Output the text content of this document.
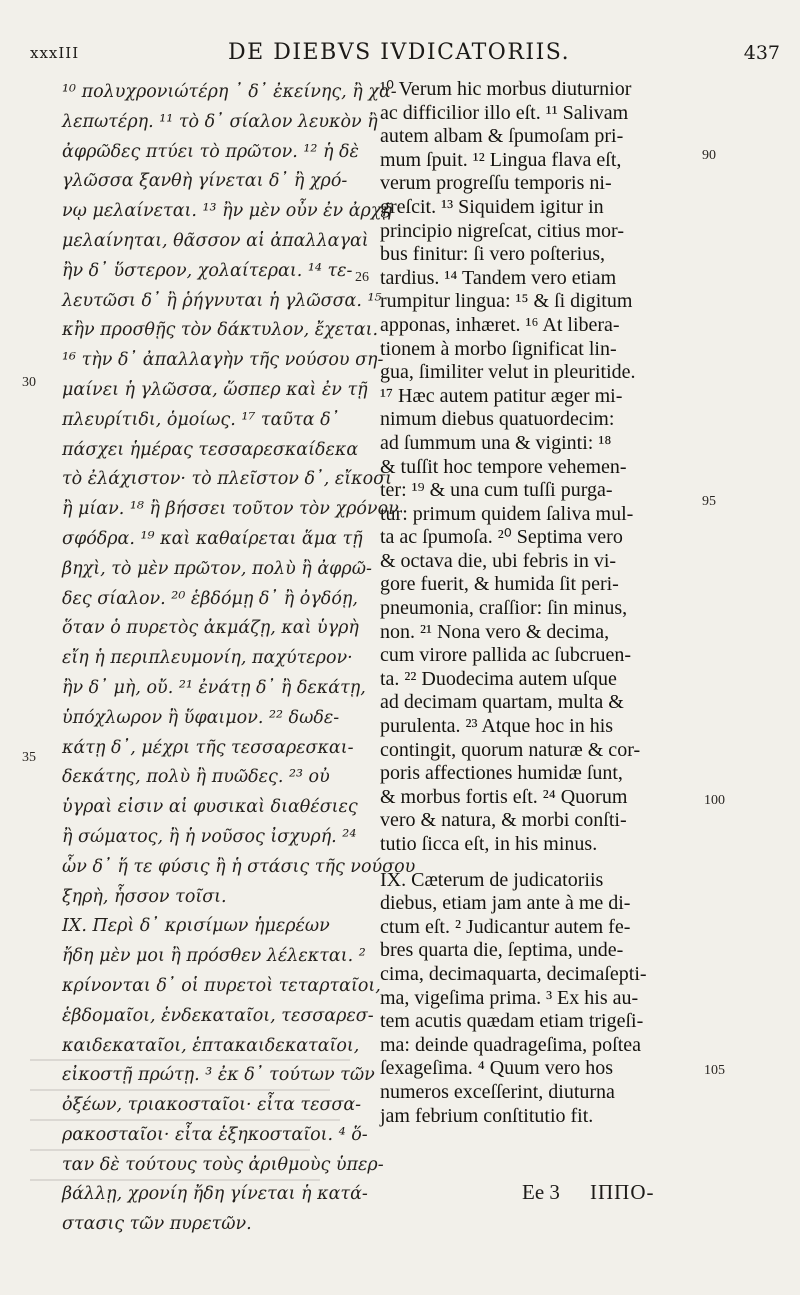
xxxIII	DE DIEBVS IVDICATORIIS.	437
¹⁰ πολυχρονιώτέρη ᾿ δ᾿ ἐκείνης, ἢ χα-
λεπωτέρη. ¹¹ τὸ δ᾿ σίαλον λευκὸν ἢ
ἀφρῶδες πτύει τὸ πρῶτον. ¹² ἡ δὲ
γλῶσσα ξανθὴ γίνεται δ᾿ ἢ χρό-
νῳ μελαίνεται. ¹³ ἢν μὲν οὖν ἐν ἀρχῇ
μελαίνηται, θᾶσσον αἱ ἀπαλλαγαὶ
ἢν δ᾿ ὕστερον, χολαίτεραι. ¹⁴ τε-
λευτῶσι δ᾿ ἢ ῥήγνυται ἡ γλῶσσα. ¹⁵
κἢν προσθῇς τὸν δάκτυλον, ἔχεται.
¹⁶ τὴν δ᾿ ἀπαλλαγὴν τῆς νούσου ση-
μαίνει ἡ γλῶσσα, ὥσπερ καὶ ἐν τῇ
πλευρίτιδι, ὁμοίως. ¹⁷ ταῦτα δ᾿
πάσχει ἡμέρας τεσσαρεσκαίδεκα
τὸ ἐλάχιστον· τὸ πλεῖστον δ᾿, εἴκοσι
ἢ μίαν. ¹⁸ ἢ βήσσει τοῦτον τὸν χρόνον
σφόδρα. ¹⁹ καὶ καθαίρεται ἅμα τῇ
βηχὶ, τὸ μὲν πρῶτον, πολὺ ἢ ἀφρῶ-
δες σίαλον. ²⁰ ἑβδόμῃ δ᾿ ἢ ὀγδόῃ,
ὅταν ὁ πυρετὸς ἀκμάζῃ, καὶ ὑγρὴ
εἴη ἡ περιπλευμονίη, παχύτερον·
ἢν δ᾿ μὴ, οὔ. ²¹ ἐνάτῃ δ᾿ ἢ δεκάτῃ,
ὑπόχλωρον ἢ ὕφαιμον. ²² δωδε-
κάτῃ δ᾿, μέχρι τῆς τεσσαρεσκαι-
δεκάτης, πολὺ ἢ πυῶδες. ²³ οὐ
ὑγραὶ εἰσιν αἱ φυσικαὶ διαθέσιες
ἢ σώματος, ἢ ἡ νοῦσος ἰσχυρή. ²⁴
ὧν δ᾿ ἥ τε φύσις ἢ ἡ στάσις τῆς νούσου
ξηρὴ, ἧσσον τοῖσι.
IX. Περὶ δ᾿ κρισίμων ἡμερέων
ἤδη μὲν μοι ἢ πρόσθεν λέλεκται. ²
κρίνονται δ᾿ οἱ πυρετοὶ τεταρταῖοι,
ἑβδομαῖοι, ἑνδεκαταῖοι, τεσσαρεσ-
καιδεκαταῖοι, ἑπτακαιδεκαταῖοι,
εἰκοστῇ πρώτῃ. ³ ἐκ δ᾿ τούτων τῶν
ὀξέων, τριακοσταῖοι· εἶτα τεσσα-
ρακοσταῖοι· εἶτα ἑξηκοσταῖοι. ⁴ ὅ-
ταν δὲ τούτους τοὺς ἀριθμοὺς ὑπερ-
βάλλῃ, χρονίη ἤδη γίνεται ἡ κατά-
στασις τῶν πυρετῶν.
¹⁰ Verum hic morbus diuturnior
ac difficilior illo eſt. ¹¹ Salivam
autem albam & ſpumoſam pri-
mum ſpuit. ¹² Lingua flava eſt,
verum progreſſu temporis ni-
greſcit. ¹³ Siquidem igitur in
principio nigreſcat, citius mor-
bus finitur: ſi vero poſterius,
tardius. ¹⁴ Tandem vero etiam
rumpitur lingua: ¹⁵ & ſi digitum
apponas, inhæret. ¹⁶ At libera-
tionem à morbo ſignificat lin-
gua, ſimiliter velut in pleuritide.
¹⁷ Hæc autem patitur æger mi-
nimum diebus quatuordecim:
ad ſummum una & viginti: ¹⁸
& tuſſit hoc tempore vehemen-
ter: ¹⁹ & una cum tuſſi purga-
tur: primum quidem ſaliva mul-
ta ac ſpumoſa. ²⁰ Septima vero
& octava die, ubi febris in vi-
gore fuerit, & humida ſit peri-
pneumonia, craſſior: ſin minus,
non. ²¹ Nona vero & decima,
cum virore pallida ac ſubcruen-
ta. ²² Duodecima autem uſque
ad decimam quartam, multa &
purulenta. ²³ Atque hoc in his
contingit, quorum naturæ & cor-
poris affectiones humidæ ſunt,
& morbus fortis eſt. ²⁴ Quorum
vero & natura, & morbi conſti-
tutio ſicca eſt, in his minus.
IX. Cæterum de judicatoriis
diebus, etiam jam ante à me di-
ctum eſt. ² Judicantur autem fe-
bres quarta die, ſeptima, unde-
cima, decimaquarta, decimaſepti-
ma, vigeſima prima. ³ Ex his au-
tem acutis quædam etiam trigeſi-
ma: deinde quadrageſima, poſtea
ſexageſima. ⁴ Quum vero hos
numeros exceſſerint, diuturna
jam febrium conſtitutio fit.
26
30
35
90
95
100
105
Ee 3 ΙΠΠΟ-
